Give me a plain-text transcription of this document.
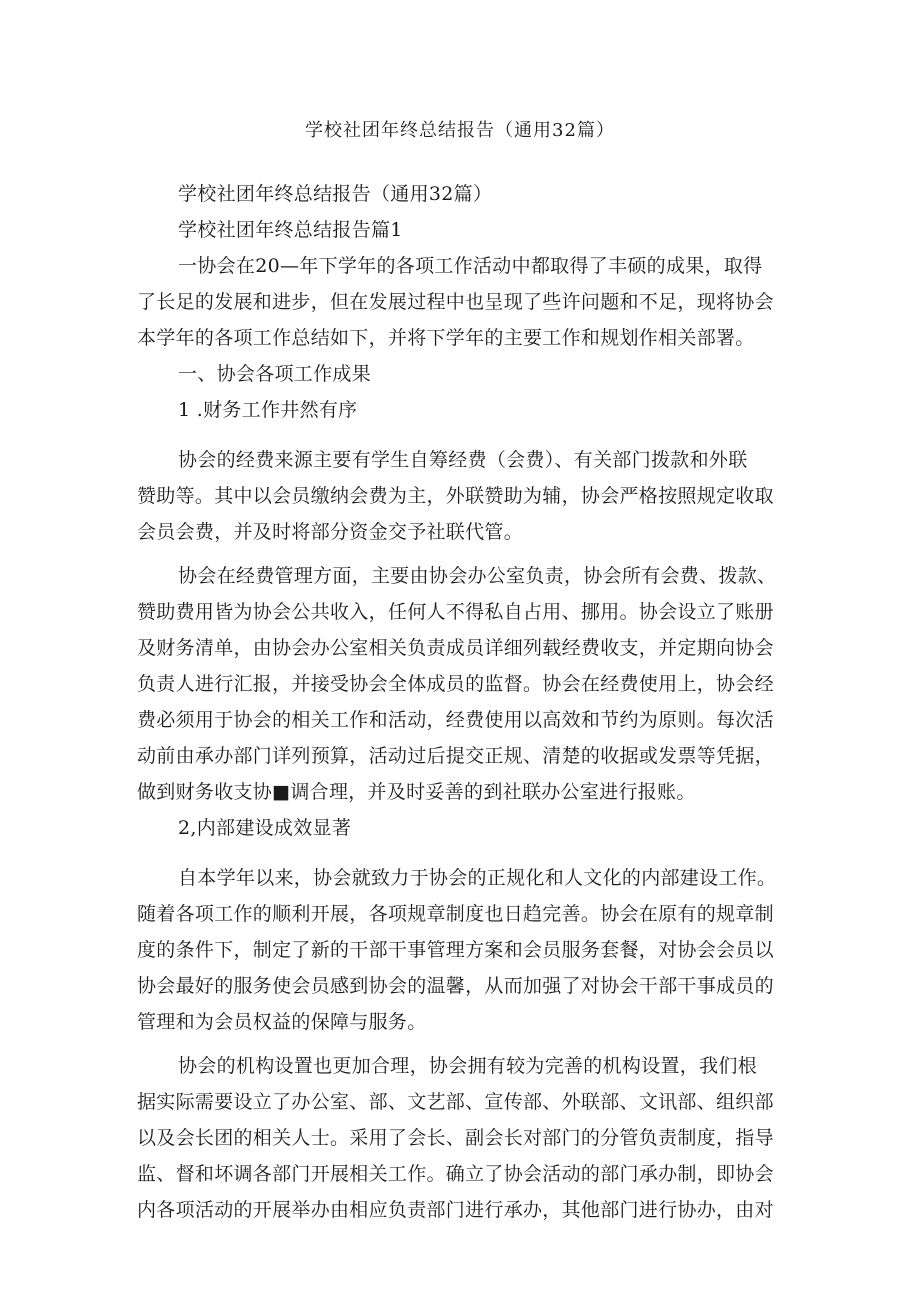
学校社团年终总结报告（通用32篇）
学校社团年终总结报告（通用32篇）
学校社团年终总结报告篇1
一协会在20—年下学年的各项工作活动中都取得了丰硕的成果，取得
了长足的发展和进步，但在发展过程中也呈现了些许问题和不足，现将协会
本学年的各项工作总结如下，并将下学年的主要工作和规划作相关部署。
一、协会各项工作成果
1 .财务工作井然有序
协会的经费来源主要有学生自筹经费（会费）、有关部门拨款和外联
赞助等。其中以会员缴纳会费为主，外联赞助为辅，协会严格按照规定收取
会员会费，并及时将部分资金交予社联代管。
协会在经费管理方面，主要由协会办公室负责，协会所有会费、拨款、
赞助费用皆为协会公共收入，任何人不得私自占用、挪用。协会设立了账册
及财务清单，由协会办公室相关负责成员详细列载经费收支，并定期向协会
负责人进行汇报，并接受协会全体成员的监督。协会在经费使用上，协会经
费必须用于协会的相关工作和活动，经费使用以高效和节约为原则。每次活
动前由承办部门详列预算，活动过后提交正规、清楚的收据或发票等凭据，
做到财务收支协■调合理，并及时妥善的到社联办公室进行报账。
2,内部建设成效显著
自本学年以来，协会就致力于协会的正规化和人文化的内部建设工作。
随着各项工作的顺利开展，各项规章制度也日趋完善。协会在原有的规章制
度的条件下，制定了新的干部干事管理方案和会员服务套餐，对协会会员以
协会最好的服务使会员感到协会的温馨，从而加强了对协会干部干事成员的
管理和为会员权益的保障与服务。
协会的机构设置也更加合理，协会拥有较为完善的机构设置，我们根
据实际需要设立了办公室、部、文艺部、宣传部、外联部、文讯部、组织部
以及会长团的相关人士。采用了会长、副会长对部门的分管负责制度，指导
监、督和坏调各部门开展相关工作。确立了协会活动的部门承办制，即协会
内各项活动的开展举办由相应负责部门进行承办，其他部门进行协办，由对
